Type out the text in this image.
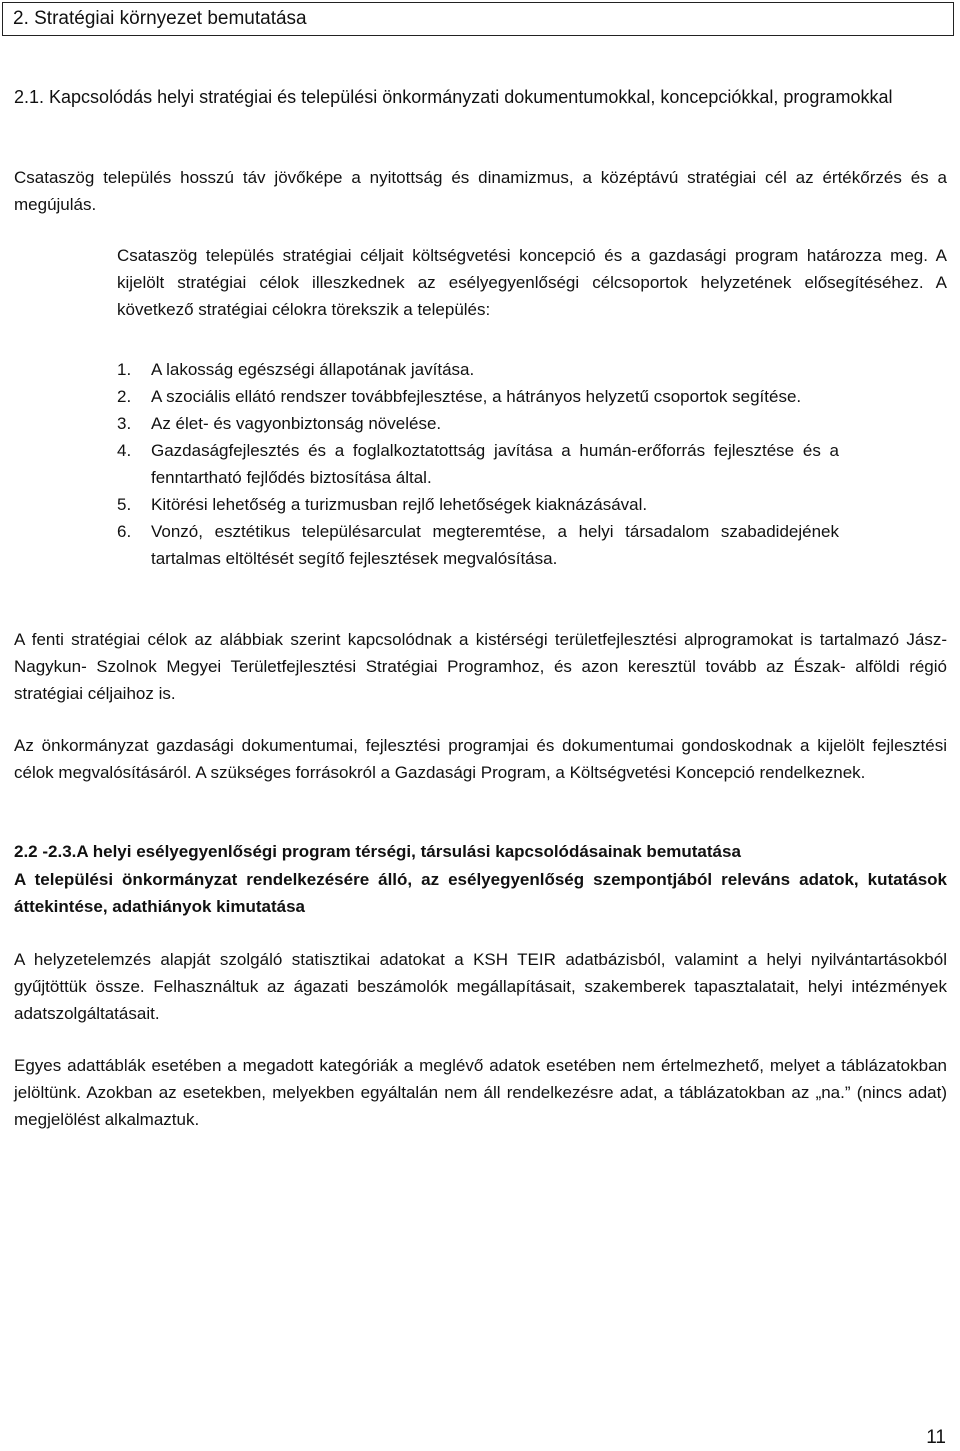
2. Stratégiai környezet bemutatása
2.1. Kapcsolódás helyi stratégiai és települési önkormányzati dokumentumokkal, koncepciókkal, programokkal
Csataszög település hosszú táv jövőképe a nyitottság és dinamizmus, a középtávú stratégiai cél az értékőrzés és a megújulás.
Csataszög település stratégiai céljait költségvetési koncepció és a gazdasági program határozza meg. A kijelölt stratégiai célok illeszkednek az esélyegyenlőségi célcsoportok helyzetének elősegítéséhez. A következő stratégiai célokra törekszik a település:
1. A lakosság egészségi állapotának javítása.
2. A szociális ellátó rendszer továbbfejlesztése, a hátrányos helyzetű csoportok segítése.
3. Az élet- és vagyonbiztonság növelése.
4. Gazdaságfejlesztés és a foglalkoztatottság javítása a humán-erőforrás fejlesztése és a fenntartható fejlődés biztosítása által.
5. Kitörési lehetőség a turizmusban rejlő lehetőségek kiaknázásával.
6. Vonzó, esztétikus településarculat megteremtése, a helyi társadalom szabadidejének tartalmas eltöltését segítő fejlesztések megvalósítása.
A fenti stratégiai célok az alábbiak szerint kapcsolódnak a kistérségi területfejlesztési alprogramokat is tartalmazó Jász- Nagykun- Szolnok Megyei Területfejlesztési Stratégiai Programhoz, és azon keresztül tovább az Észak- alföldi régió stratégiai céljaihoz is.
Az önkormányzat gazdasági dokumentumai, fejlesztési programjai és dokumentumai gondoskodnak a kijelölt fejlesztési célok megvalósításáról. A szükséges forrásokról a Gazdasági Program, a Költségvetési Koncepció rendelkeznek.
2.2 -2.3.A helyi esélyegyenlőségi program térségi, társulási kapcsolódásainak bemutatása
A települési önkormányzat rendelkezésére álló, az esélyegyenlőség szempontjából releváns adatok, kutatások áttekintése, adathiányok kimutatása
A helyzetelemzés alapját szolgáló statisztikai adatokat a KSH TEIR adatbázisból, valamint a helyi nyilvántartásokból gyűjtöttük össze. Felhasználtuk az ágazati beszámolók megállapításait, szakemberek tapasztalatait, helyi intézmények adatszolgáltatásait.
Egyes adattáblák esetében a megadott kategóriák a meglévő adatok esetében nem értelmezhető, melyet a táblázatokban jelöltünk. Azokban az esetekben, melyekben egyáltalán nem áll rendelkezésre adat, a táblázatokban az „na.” (nincs adat) megjelölést alkalmaztuk.
11
